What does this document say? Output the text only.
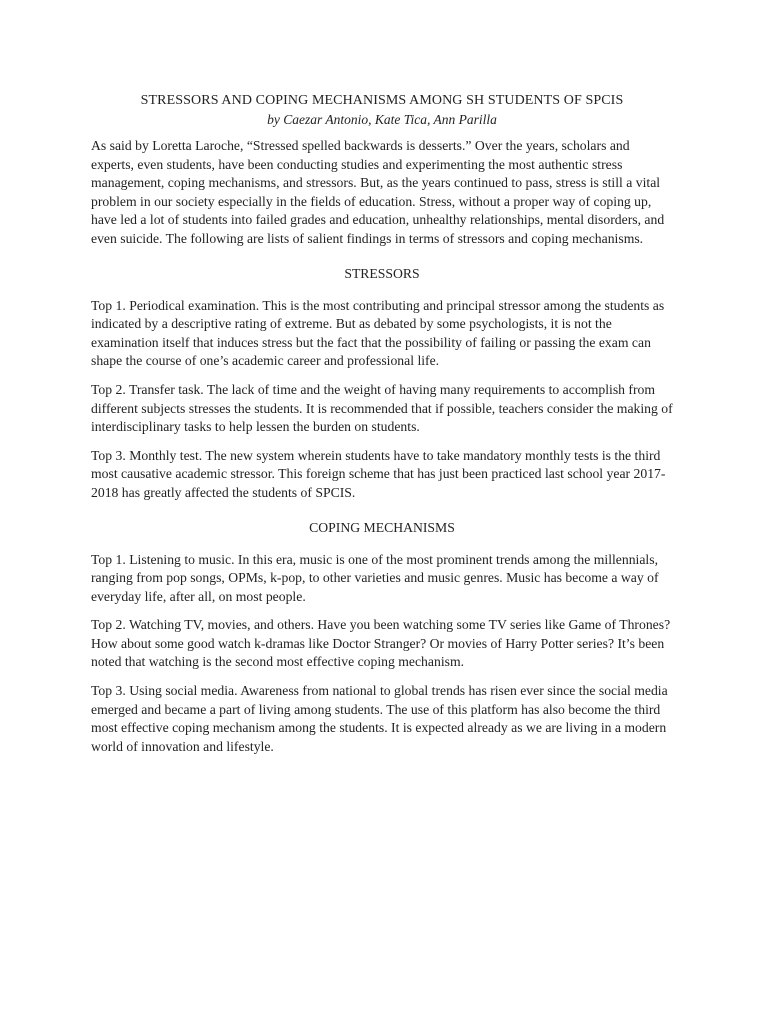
STRESSORS AND COPING MECHANISMS AMONG SH STUDENTS OF SPCIS

by Caezar Antonio, Kate Tica, Ann Parilla

As said by Loretta Laroche, “Stressed spelled backwards is desserts.” Over the years, scholars and experts, even students, have been conducting studies and experimenting the most authentic stress management, coping mechanisms, and stressors. But, as the years continued to pass, stress is still a vital problem in our society especially in the fields of education. Stress, without a proper way of coping up, have led a lot of students into failed grades and education, unhealthy relationships, mental disorders, and even suicide. The following are lists of salient findings in terms of stressors and coping mechanisms.

STRESSORS

Top 1. Periodical examination. This is the most contributing and principal stressor among the students as indicated by a descriptive rating of extreme. But as debated by some psychologists, it is not the examination itself that induces stress but the fact that the possibility of failing or passing the exam can shape the course of one’s academic career and professional life.

Top 2. Transfer task. The lack of time and the weight of having many requirements to accomplish from different subjects stresses the students. It is recommended that if possible, teachers consider the making of interdisciplinary tasks to help lessen the burden on students.

Top 3. Monthly test. The new system wherein students have to take mandatory monthly tests is the third most causative academic stressor. This foreign scheme that has just been practiced last school year 2017-2018 has greatly affected the students of SPCIS.

COPING MECHANISMS

Top 1. Listening to music. In this era, music is one of the most prominent trends among the millennials, ranging from pop songs, OPMs, k-pop, to other varieties and music genres. Music has become a way of everyday life, after all, on most people.

Top 2. Watching TV, movies, and others. Have you been watching some TV series like Game of Thrones? How about some good watch k-dramas like Doctor Stranger? Or movies of Harry Potter series? It’s been noted that watching is the second most effective coping mechanism.

Top 3. Using social media. Awareness from national to global trends has risen ever since the social media emerged and became a part of living among students. The use of this platform has also become the third most effective coping mechanism among the students. It is expected already as we are living in a modern world of innovation and lifestyle.
